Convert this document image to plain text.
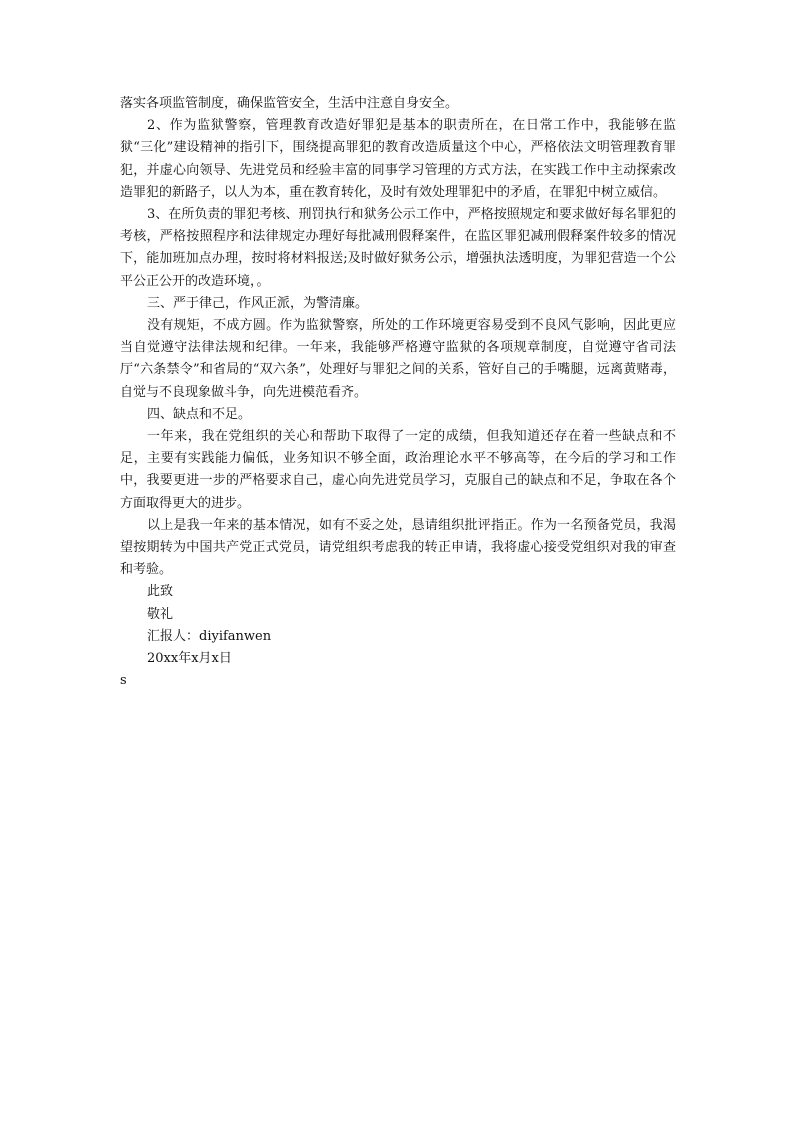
落实各项监管制度，确保监管安全，生活中注意自身安全。

2、作为监狱警察，管理教育改造好罪犯是基本的职责所在，在日常工作中，我能够在监狱“三化”建设精神的指引下，围绕提高罪犯的教育改造质量这个中心，严格依法文明管理教育罪犯，并虚心向领导、先进党员和经验丰富的同事学习管理的方式方法，在实践工作中主动探索改造罪犯的新路子，以人为本，重在教育转化，及时有效处理罪犯中的矛盾，在罪犯中树立威信。

3、在所负责的罪犯考核、刑罚执行和狱务公示工作中，严格按照规定和要求做好每名罪犯的考核，严格按照程序和法律规定办理好每批减刑假释案件，在监区罪犯减刑假释案件较多的情况下，能加班加点办理，按时将材料报送;及时做好狱务公示，增强执法透明度，为罪犯营造一个公平公正公开的改造环境，。

三、严于律己，作风正派，为警清廉。

没有规矩，不成方圆。作为监狱警察，所处的工作环境更容易受到不良风气影响，因此更应当自觉遵守法律法规和纪律。一年来，我能够严格遵守监狱的各项规章制度，自觉遵守省司法厅“六条禁令”和省局的“双六条”，处理好与罪犯之间的关系，管好自己的手嘴腿，远离黄赌毒，自觉与不良现象做斗争，向先进模范看齐。

四、缺点和不足。

一年来，我在党组织的关心和帮助下取得了一定的成绩，但我知道还存在着一些缺点和不足，主要有实践能力偏低，业务知识不够全面，政治理论水平不够高等，在今后的学习和工作中，我要更进一步的严格要求自己，虚心向先进党员学习，克服自己的缺点和不足，争取在各个方面取得更大的进步。

以上是我一年来的基本情况，如有不妥之处，恳请组织批评指正。作为一名预备党员，我渴望按期转为中国共产党正式党员，请党组织考虑我的转正申请，我将虚心接受党组织对我的审查和考验。

此致

敬礼

汇报人：diyifanwen

20xx年x月x日

s
